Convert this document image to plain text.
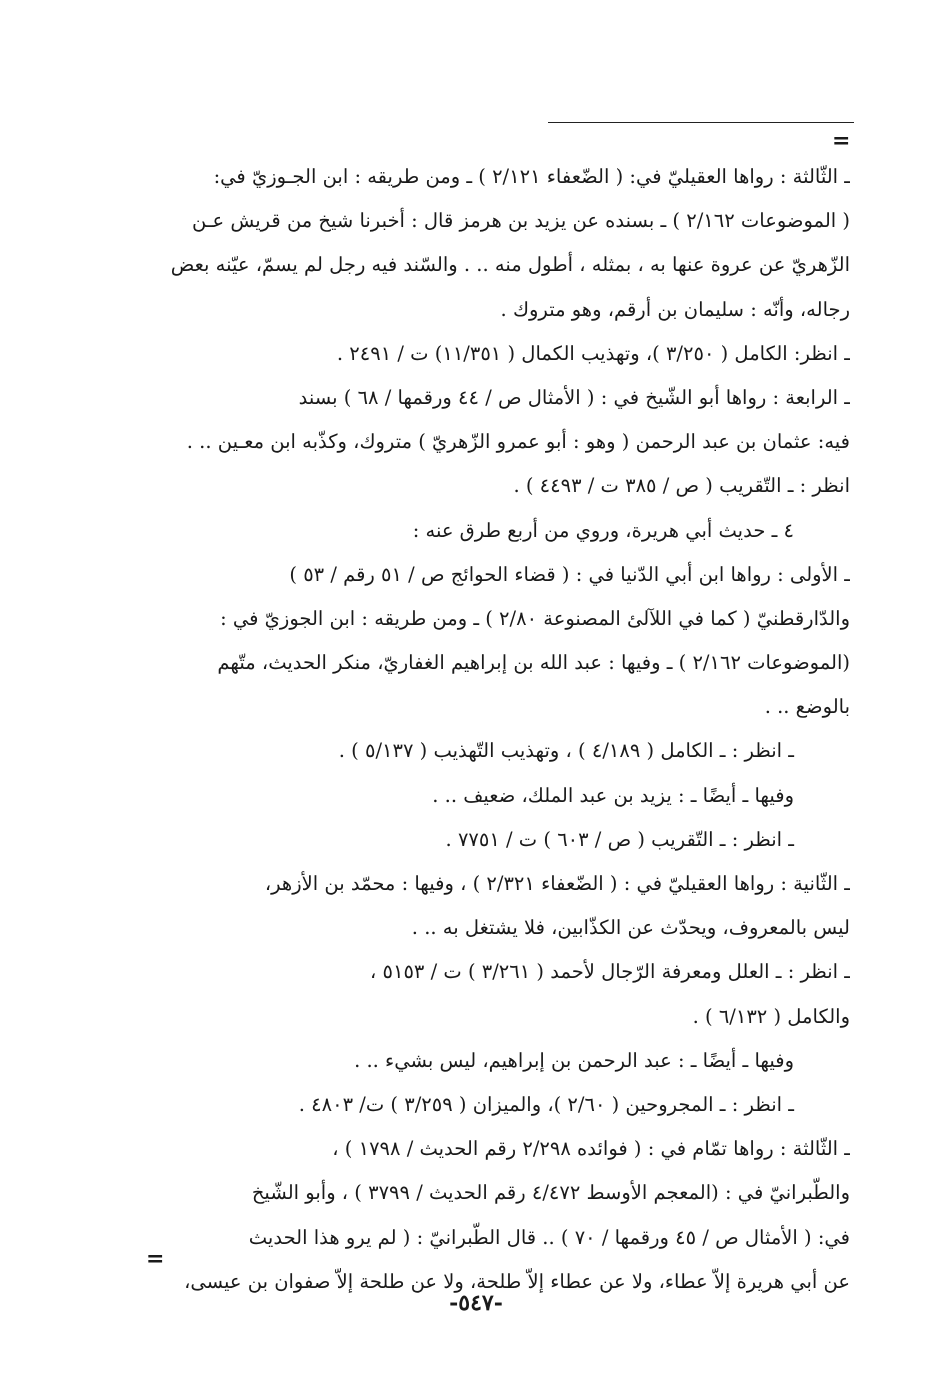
=
ـ الثّالثة : رواها العقيليّ في: ( الضّعفاء ٢/١٢١ ) ـ ومن طريقه : ابن الجـوزيّ في:
( الموضوعات ٢/١٦٢ ) ـ بسنده عن يزيد بن هرمز قال : أخبرنا شيخ من قريش عـن
الزّهريّ عن عروة عنها به ، بمثله ، أطول منه .. . والسّند فيه رجل لم يسمّ، عيّنه بعض
رجاله، وأنّه : سليمان بن أرقم، وهو متروك .
ـ انظر: الكامل ( ٣/٢٥٠ )، وتهذيب الكمال ( ١١/٣٥١) ت / ٢٤٩١ .
ـ الرابعة : رواها أبو الشّيخ في : ( الأمثال ص / ٤٤ ورقمها / ٦٨ ) بسند
فيه: عثمان بن عبد الرحمن ( وهو : أبو عمرو الزّهريّ ) متروك، وكذّبه ابن معـين .. .
انظر : ـ التّقريب ( ص / ٣٨٥ ت / ٤٤٩٣ ) .
٤ ـ حديث أبي هريرة، وروي من أربع طرق عنه :
ـ الأولى : رواها ابن أبي الدّنيا في : ( قضاء الحوائج ص / ٥١ رقم / ٥٣ )
والدّارقطنيّ ( كما في اللآلئ المصنوعة ٢/٨٠ ) ـ ومن طريقه : ابن الجوزيّ في :
(الموضوعات ٢/١٦٢ ) ـ وفيها : عبد الله بن إبراهيم الغفاريّ، منكر الحديث، متّهم
بالوضع .. .
ـ انظر : ـ الكامل ( ٤/١٨٩ ) ، وتهذيب التّهذيب ( ٥/١٣٧ ) .
وفيها ـ أيضًا ـ : يزيد بن عبد الملك، ضعيف .. .
ـ انظر : ـ التّقريب ( ص / ٦٠٣ ) ت / ٧٧٥١ .
ـ الثّانية : رواها العقيليّ في : ( الضّعفاء ٢/٣٢١ ) ، وفيها : محمّد بن الأزهر،
ليس بالمعروف، ويحدّث عن الكذّابين، فلا يشتغل به .. .
ـ انظر : ـ العلل ومعرفة الرّجال لأحمد ( ٣/٢٦١ ) ت / ٥١٥٣ ،
والكامل ( ٦/١٣٢ ) .
وفيها ـ أيضًا ـ : عبد الرحمن بن إبراهيم، ليس بشيء .. .
ـ انظر : ـ المجروحين ( ٢/٦٠ )، والميزان ( ٣/٢٥٩ ) ت/ ٤٨٠٣ .
ـ الثّالثة : رواها تمّام في : ( فوائده ٢/٢٩٨ رقم الحديث / ١٧٩٨ ) ،
والطّبرانيّ في : (المعجم الأوسط ٤/٤٧٢ رقم الحديث / ٣٧٩٩ ) ، وأبو الشّيخ
في: ( الأمثال ص / ٤٥ ورقمها / ٧٠ ) .. قال الطّبرانيّ : ( لم يرو هذا الحديث
عن أبي هريرة إلاّ عطاء، ولا عن عطاء إلاّ طلحة، ولا عن طلحة إلاّ صفوان بن عيسى،
=
-٥٤٧-
